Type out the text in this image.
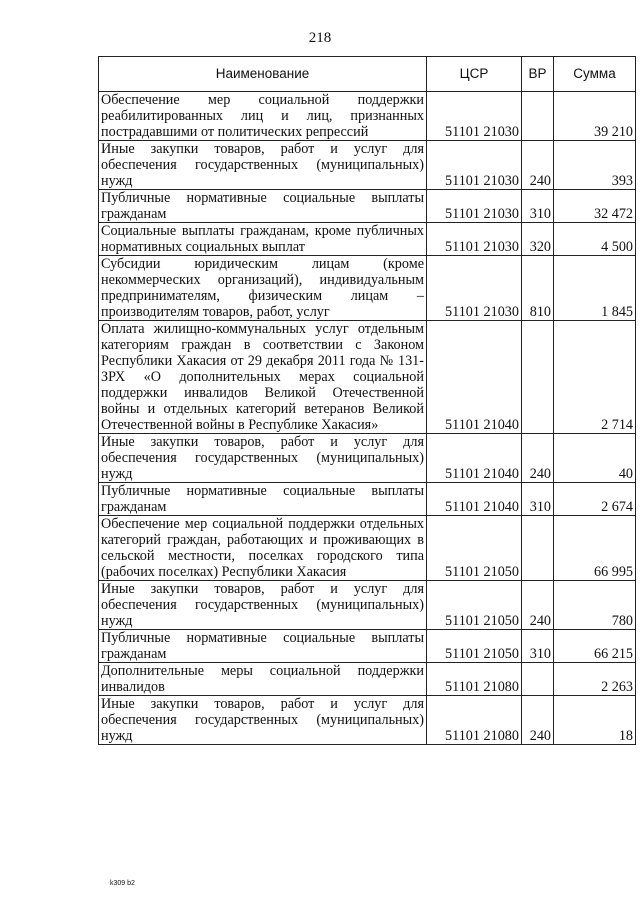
218
Наименование	ЦСР	ВР	Сумма
Обеспечение мер социальной поддержки реабилитированных лиц и лиц, признанных пострадавшими от политических репрессий	51101 21030		39 210
Иные закупки товаров, работ и услуг для обеспечения государственных (муниципальных) нужд	51101 21030	240	393
Публичные нормативные социальные выплаты гражданам	51101 21030	310	32 472
Социальные выплаты гражданам, кроме публичных нормативных социальных выплат	51101 21030	320	4 500
Субсидии юридическим лицам (кроме некоммерческих организаций), индивидуальным предпринимателям, физическим лицам – производителям товаров, работ, услуг	51101 21030	810	1 845
Оплата жилищно-коммунальных услуг отдельным категориям граждан в соответствии с Законом Республики Хакасия от 29 декабря 2011 года № 131-ЗРХ «О дополнительных мерах социальной поддержки инвалидов Великой Отечественной войны и отдельных категорий ветеранов Великой Отечественной войны в Республике Хакасия»	51101 21040		2 714
Иные закупки товаров, работ и услуг для обеспечения государственных (муниципальных) нужд	51101 21040	240	40
Публичные нормативные социальные выплаты гражданам	51101 21040	310	2 674
Обеспечение мер социальной поддержки отдельных категорий граждан, работающих и проживающих в сельской местности, поселках городского типа (рабочих поселках) Республики Хакасия	51101 21050		66 995
Иные закупки товаров, работ и услуг для обеспечения государственных (муниципальных) нужд	51101 21050	240	780
Публичные нормативные социальные выплаты гражданам	51101 21050	310	66 215
Дополнительные меры социальной поддержки инвалидов	51101 21080		2 263
Иные закупки товаров, работ и услуг для обеспечения государственных (муниципальных) нужд	51101 21080	240	18
k309 b2
